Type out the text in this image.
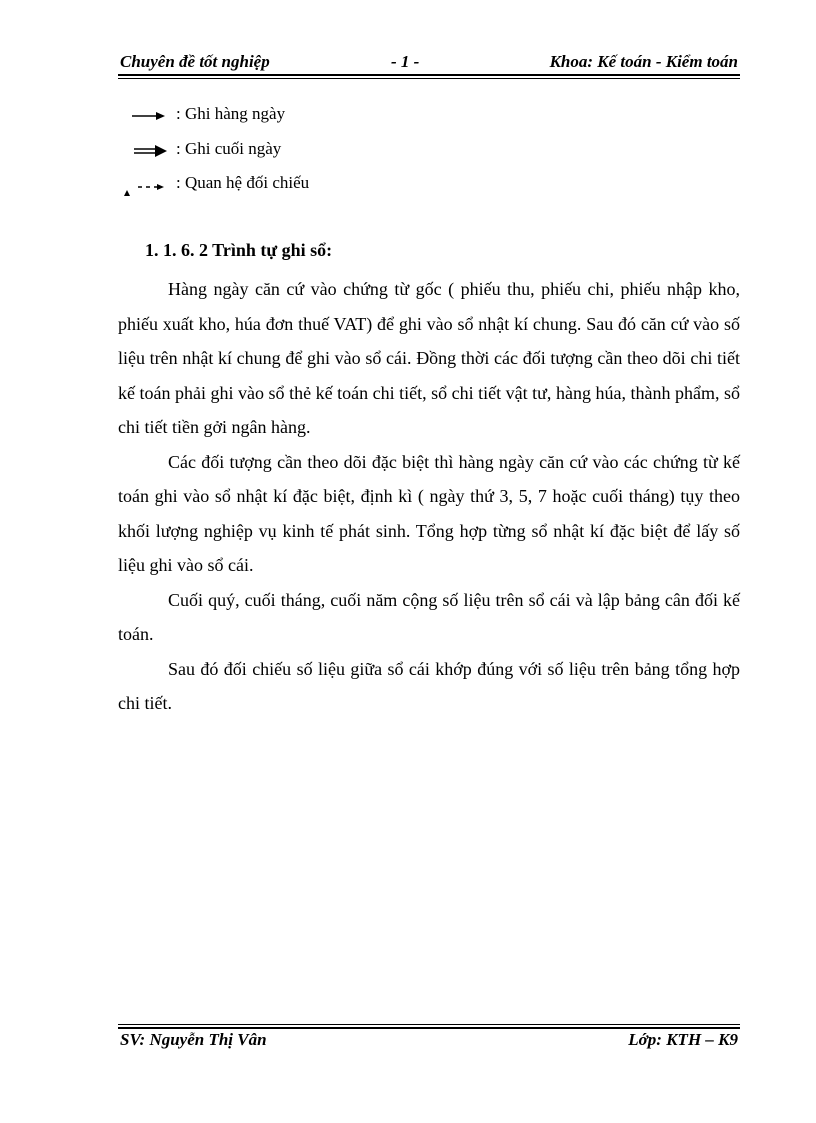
Chuyên đề tốt nghiệp	- 1 -	Khoa: Kế toán - Kiểm toán
: Ghi hàng ngày
: Ghi cuối ngày
: Quan hệ đối chiếu
1. 1. 6. 2 Trình tự ghi sổ:

Hàng ngày căn cứ vào chứng từ gốc ( phiếu thu, phiếu chi, phiếu nhập kho, phiếu xuất kho, húa đơn thuế VAT) để ghi vào sổ nhật kí chung. Sau đó căn cứ vào số liệu trên nhật kí chung để ghi vào sổ cái. Đồng thời các đối tượng cần theo dõi chi tiết kế toán phải ghi vào sổ thẻ kế toán chi tiết, sổ chi tiết vật tư, hàng húa, thành phẩm, sổ chi tiết tiền gởi ngân hàng.

Các đối tượng cần theo dõi đặc biệt thì hàng ngày căn cứ vào các chứng từ kế toán ghi vào sổ nhật kí đặc biệt, định kì ( ngày thứ 3, 5, 7 hoặc cuối tháng) tụy theo khối lượng nghiệp vụ kinh tế phát sinh. Tổng hợp từng sổ nhật kí đặc biệt để lấy số liệu ghi vào sổ cái.

Cuối quý, cuối tháng, cuối năm cộng số liệu trên sổ cái và lập bảng cân đối kế toán.

Sau đó đối chiếu số liệu giữa sổ cái khớp đúng với số liệu trên bảng tổng hợp chi tiết.

SV: Nguyễn Thị Vân	Lớp: KTH – K9
